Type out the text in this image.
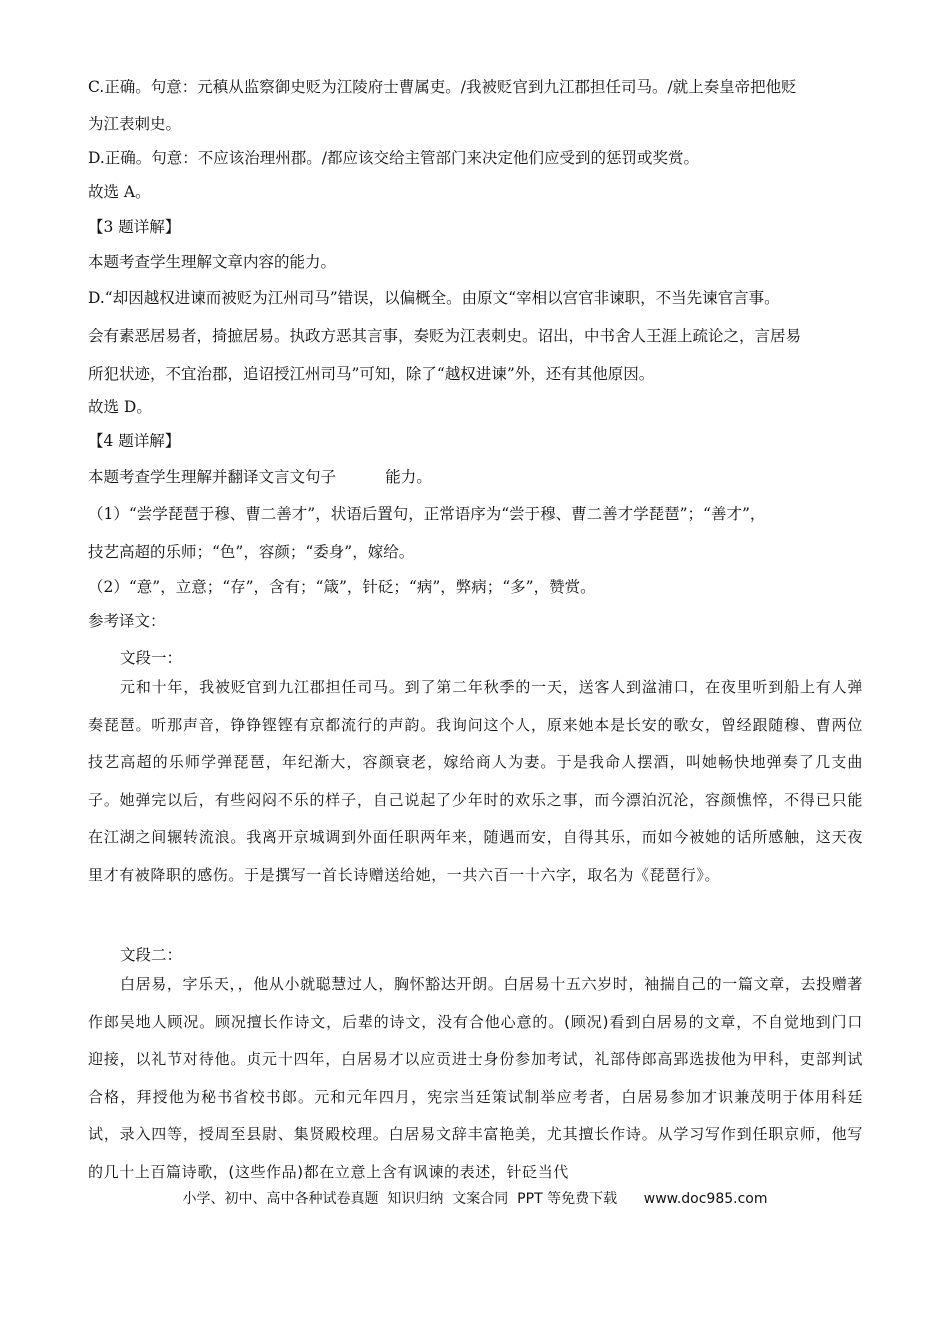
C.正确。句意：元稹从监察御史贬为江陵府士曹属吏。/我被贬官到九江郡担任司马。/就上奏皇帝把他贬

为江表刺史。

D.正确。句意：不应该治理州郡。/都应该交给主管部门来决定他们应受到的惩罚或奖赏。

故选 A。

【3 题详解】

本题考查学生理解文章内容的能力。

D.“却因越权进谏而被贬为江州司马”错误，以偏概全。由原文“宰相以宫官非谏职，不当先谏官言事。

会有素恶居易者，掎摭居易。执政方恶其言事，奏贬为江表刺史。诏出，中书舍人王涯上疏论之，言居易

所犯状迹，不宜治郡，追诏授江州司马”可知，除了“越权进谏”外，还有其他原因。

故选 D。

【4 题详解】

本题考查学生理解并翻译文言文句子          能力。

（1）“尝学琵琶于穆、曹二善才”，状语后置句，正常语序为“尝于穆、曹二善才学琵琶”；“善才”，

技艺高超的乐师；“色”，容颜；“委身”，嫁给。

（2）“意”，立意；“存”，含有；“箴”，针砭；“病”，弊病；“多”，赞赏。

参考译文：

文段一：

元和十年，我被贬官到九江郡担任司马。到了第二年秋季的一天，送客人到湓浦口，在夜里听到船上有人弹奏琵琶。听那声音，铮铮铿铿有京都流行的声韵。我询问这个人，原来她本是长安的歌女，曾经跟随穆、曹两位技艺高超的乐师学弹琵琶，年纪渐大，容颜衰老，嫁给商人为妻。于是我命人摆酒，叫她畅快地弹奏了几支曲子。她弹完以后，有些闷闷不乐的样子，自己说起了少年时的欢乐之事，而今漂泊沉沦，容颜憔悴，不得已只能在江湖之间辗转流浪。我离开京城调到外面任职两年来，随遇而安，自得其乐，而如今被她的话所感触，这天夜里才有被降职的感伤。于是撰写一首长诗赠送给她，一共六百一十六字，取名为《琵琶行》。

文段二：

白居易，字乐天，，他从小就聪慧过人，胸怀豁达开朗。白居易十五六岁时，袖揣自己的一篇文章，去投赠著作郎吴地人顾况。顾况擅长作诗文，后辈的诗文，没有合他心意的。(顾况)看到白居易的文章，不自觉地到门口迎接，以礼节对待他。贞元十四年，白居易才以应贡进士身份参加考试，礼部侍郎高郢选拔他为甲科，吏部判试合格，拜授他为秘书省校书郎。元和元年四月，宪宗当廷策试制举应考者，白居易参加才识兼茂明于体用科廷试，录入四等，授周至县尉、集贤殿校理。白居易文辞丰富艳美，尤其擅长作诗。从学习写作到任职京师，他写的几十上百篇诗歌，(这些作品)都在立意上含有讽谏的表述，针砭当代

小学、初中、高中各种试卷真题  知识归纳  文案合同  PPT 等免费下载      www.doc985.com
